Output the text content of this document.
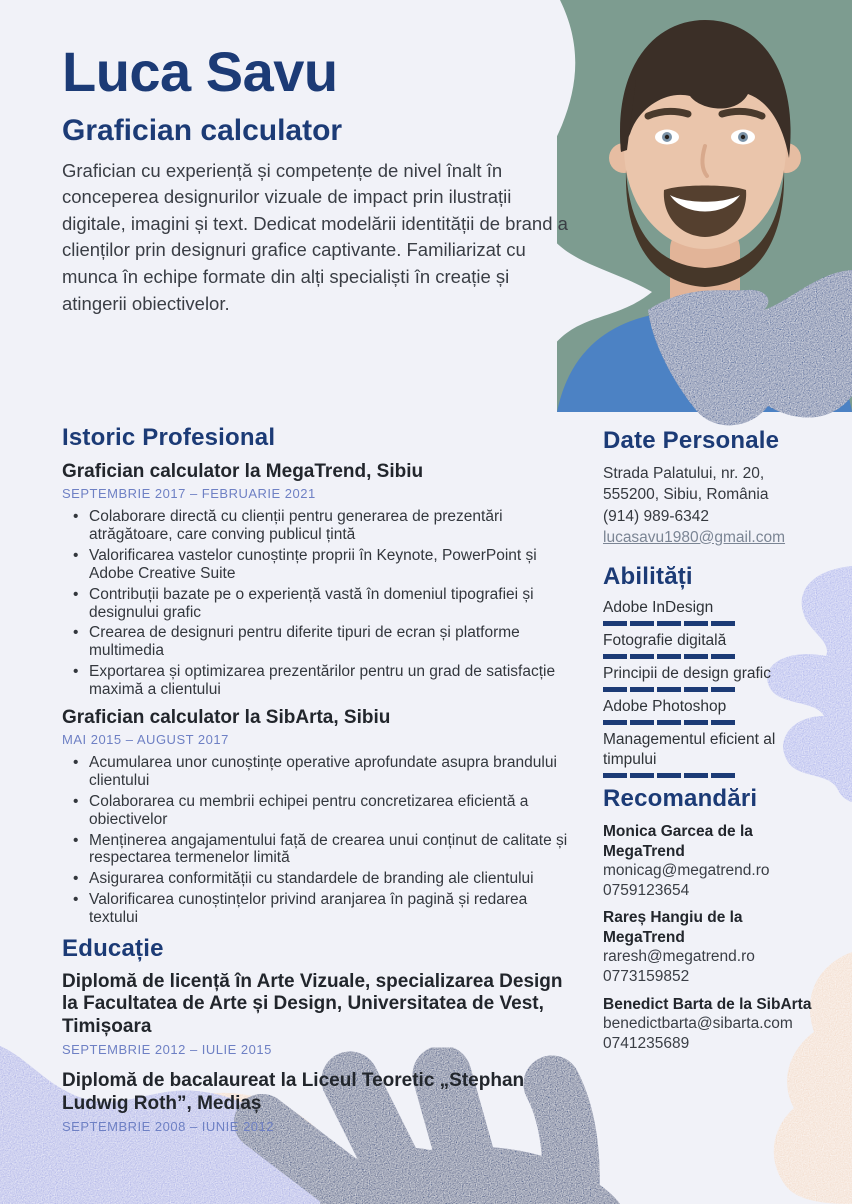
Luca Savu
Grafician calculator

Grafician cu experiență și competențe de nivel înalt în conceperea designurilor vizuale de impact prin ilustrații digitale, imagini și text. Dedicat modelării identității de brand a clienților prin designuri grafice captivante. Familiarizat cu munca în echipe formate din alți specialiști în creație și atingerii obiectivelor.

Istoric Profesional
Grafician calculator la MegaTrend, Sibiu
SEPTEMBRIE 2017 – FEBRUARIE 2021
• Colaborare directă cu clienții pentru generarea de prezentări atrăgătoare, care conving publicul țintă
• Valorificarea vastelor cunoștințe proprii în Keynote, PowerPoint și Adobe Creative Suite
• Contribuții bazate pe o experiență vastă în domeniul tipografiei și designului grafic
• Crearea de designuri pentru diferite tipuri de ecran și platforme multimedia
• Exportarea și optimizarea prezentărilor pentru un grad de satisfacție maximă a clientului
Grafician calculator la SibArta, Sibiu
MAI 2015 – AUGUST 2017
• Acumularea unor cunoștințe operative aprofundate asupra brandului clientului
• Colaborarea cu membrii echipei pentru concretizarea eficientă a obiectivelor
• Menținerea angajamentului față de crearea unui conținut de calitate și respectarea termenelor limită
• Asigurarea conformității cu standardele de branding ale clientului
• Valorificarea cunoștințelor privind aranjarea în pagină și redarea textului
Educație
Diplomă de licență în Arte Vizuale, specializarea Design la Facultatea de Arte și Design, Universitatea de Vest, Timișoara
SEPTEMBRIE 2012 – IULIE 2015
Diplomă de bacalaureat la Liceul Teoretic „Stephan Ludwig Roth”, Mediaș
SEPTEMBRIE 2008 – IUNIE 2012
Date Personale
Strada Palatului, nr. 20,
555200, Sibiu, România
(914) 989-6342
lucasavu1980@gmail.com
Abilități
Adobe InDesign
Fotografie digitală
Principii de design grafic
Adobe Photoshop
Managementul eficient al timpului
Recomandări
Monica Garcea de la MegaTrend
monicag@megatrend.ro
0759123654
Rareș Hangiu de la MegaTrend
raresh@megatrend.ro
0773159852
Benedict Barta de la SibArta
benedictbarta@sibarta.com
0741235689
